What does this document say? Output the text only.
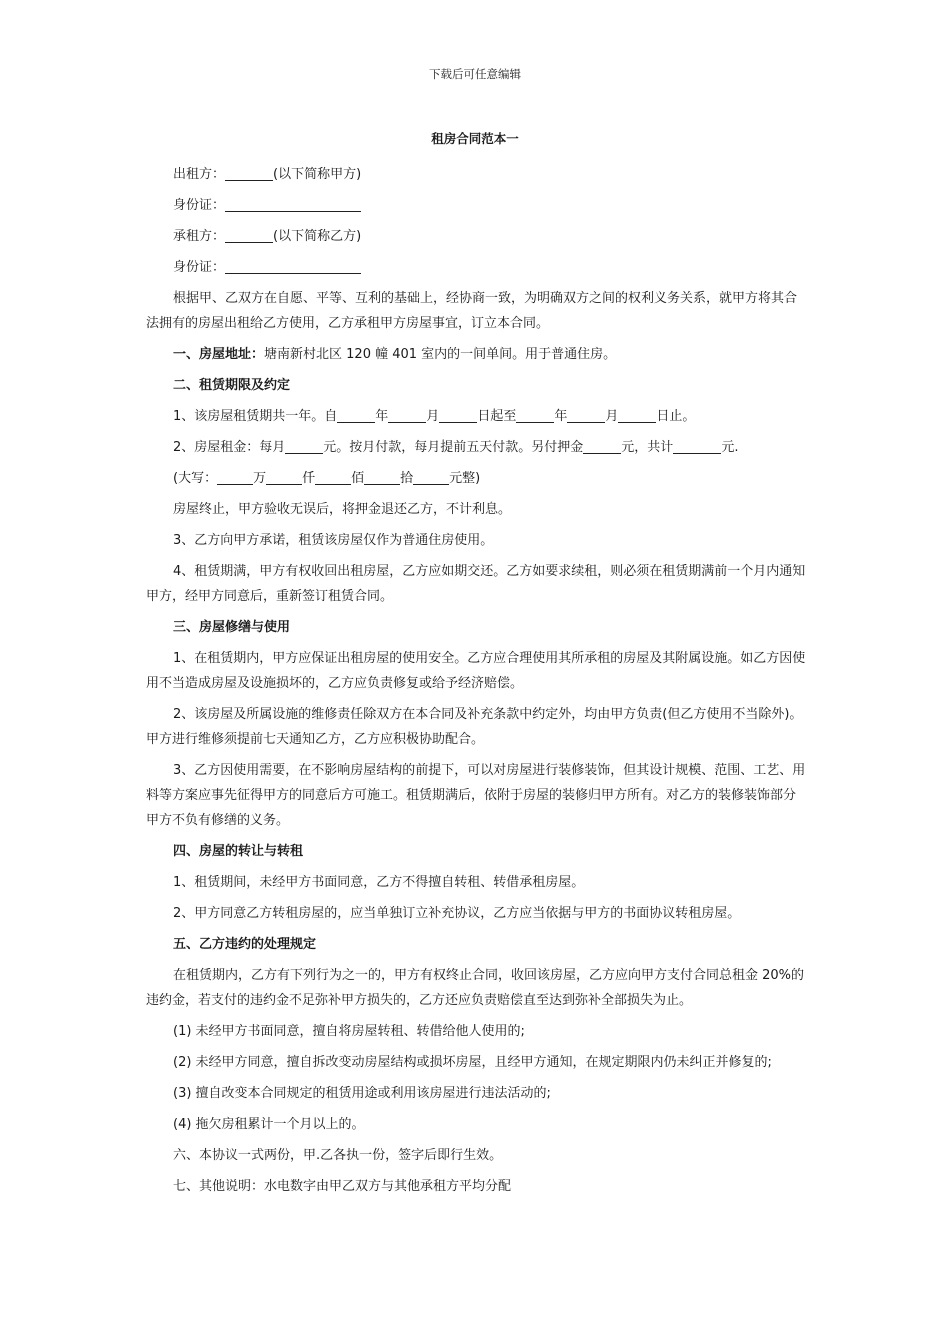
下载后可任意编辑
租房合同范本一

出租方：	(以下简称甲方)

身份证：

承租方：	(以下简称乙方)

身份证：

根据甲、乙双方在自愿、平等、互利的基础上，经协商一致，为明确双方之间的权利义务关系，就甲方将其合法拥有的房屋出租给乙方使用，乙方承租甲方房屋事宜，订立本合同。

一、房屋地址：塘南新村北区 120 幢 401 室内的一间单间。用于普通住房。

二、租赁期限及约定

1、该房屋租赁期共一年。自	年	月	日起至	年	月	日止。

2、房屋租金：每月	元。按月付款，每月提前五天付款。另付押金	元，共计	元.

(大写：	万	仟	佰	拾	元整)

房屋终止，甲方验收无误后，将押金退还乙方，不计利息。

3、乙方向甲方承诺，租赁该房屋仅作为普通住房使用。

4、租赁期满，甲方有权收回出租房屋，乙方应如期交还。乙方如要求续租，则必须在租赁期满前一个月内通知甲方，经甲方同意后，重新签订租赁合同。

三、房屋修缮与使用

1、在租赁期内，甲方应保证出租房屋的使用安全。乙方应合理使用其所承租的房屋及其附属设施。如乙方因使用不当造成房屋及设施损坏的，乙方应负责修复或给予经济赔偿。

2、该房屋及所属设施的维修责任除双方在本合同及补充条款中约定外，均由甲方负责(但乙方使用不当除外)。甲方进行维修须提前七天通知乙方，乙方应积极协助配合。

3、乙方因使用需要，在不影响房屋结构的前提下，可以对房屋进行装修装饰，但其设计规模、范围、工艺、用料等方案应事先征得甲方的同意后方可施工。租赁期满后，依附于房屋的装修归甲方所有。对乙方的装修装饰部分甲方不负有修缮的义务。

四、房屋的转让与转租

1、租赁期间，未经甲方书面同意，乙方不得擅自转租、转借承租房屋。

2、甲方同意乙方转租房屋的，应当单独订立补充协议，乙方应当依据与甲方的书面协议转租房屋。

五、乙方违约的处理规定

在租赁期内，乙方有下列行为之一的，甲方有权终止合同，收回该房屋，乙方应向甲方支付合同总租金 20%的违约金，若支付的违约金不足弥补甲方损失的，乙方还应负责赔偿直至达到弥补全部损失为止。

(1) 未经甲方书面同意，擅自将房屋转租、转借给他人使用的;

(2) 未经甲方同意，擅自拆改变动房屋结构或损坏房屋，且经甲方通知，在规定期限内仍未纠正并修复的;

(3) 擅自改变本合同规定的租赁用途或利用该房屋进行违法活动的;

(4) 拖欠房租累计一个月以上的。

六、本协议一式两份，甲.乙各执一份，签字后即行生效。

七、其他说明：水电数字由甲乙双方与其他承租方平均分配
